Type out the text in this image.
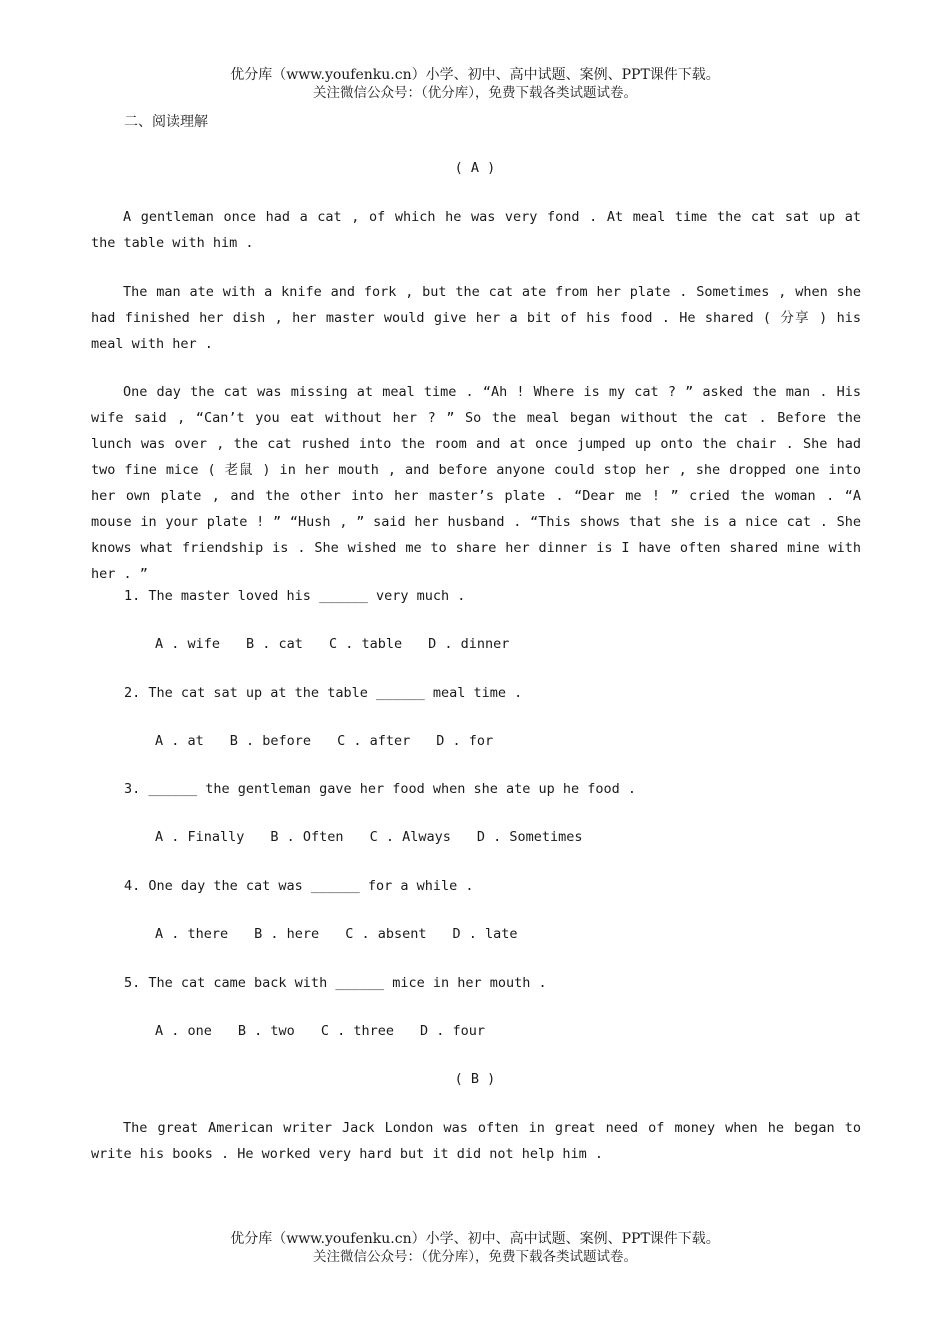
优分库（www.youfenku.cn）小学、初中、高中试题、案例、PPT课件下载。
关注微信公众号：（优分库），免费下载各类试题试卷。
二、阅读理解
( A )
A gentleman once had a cat , of which he was very fond . At meal time the cat sat up at the table with him .
The man ate with a knife and fork , but the cat ate from her plate . Sometimes , when she had finished her dish , her master would give her a bit of his food . He shared ( 分享 ) his meal with her .
One day the cat was missing at meal time . “Ah ! Where is my cat ? ” asked the man . His wife said , “Can’t you eat without her ? ” So the meal began without the cat . Before the lunch was over , the cat rushed into the room and at once jumped up onto the chair . She had two fine mice ( 老鼠 ) in her mouth , and before anyone could stop her , she dropped one into her own plate , and the other into her master’s plate . “Dear me ! ” cried the woman . “A mouse in your plate ! ” “Hush , ” said her husband . “This shows that she is a nice cat . She knows what friendship is . She wished me to share her dinner is I have often shared mine with her . ”
1. The master loved his ______ very much .
A . wife B . cat C . table D . dinner
2. The cat sat up at the table ______ meal time .
A . at B . before C . after D . for
3. ______ the gentleman gave her food when she ate up he food .
A . Finally B . Often C . Always D . Sometimes
4. One day the cat was ______ for a while .
A . there B . here C . absent D . late
5. The cat came back with ______ mice in her mouth .
A . one B . two C . three D . four
( B )
The great American writer Jack London was often in great need of money when he began to write his books . He worked very hard but it did not help him .
优分库（www.youfenku.cn）小学、初中、高中试题、案例、PPT课件下载。
关注微信公众号：（优分库），免费下载各类试题试卷。
